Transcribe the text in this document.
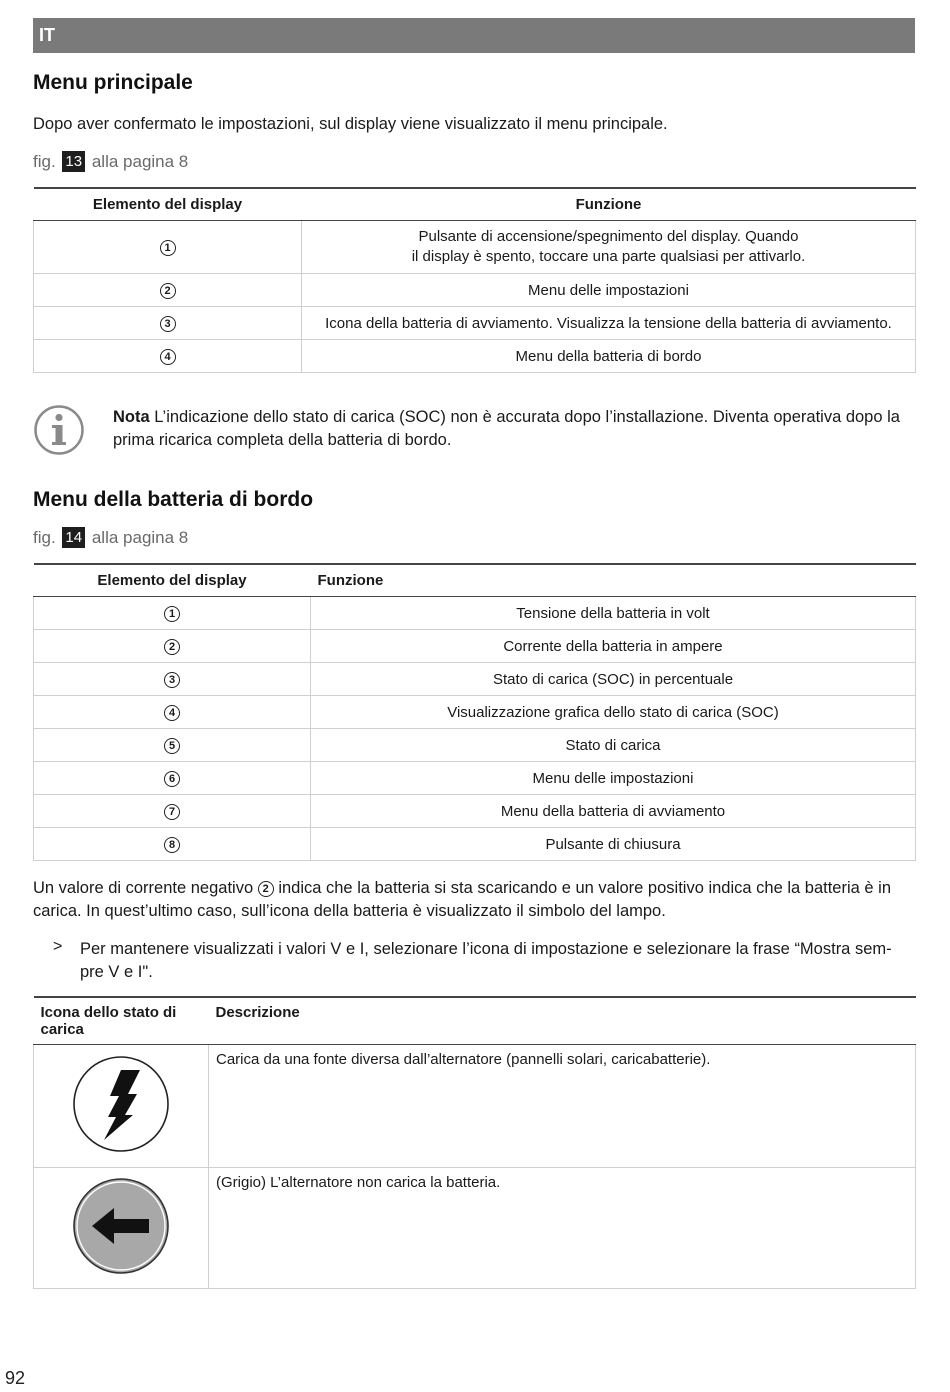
IT
Menu principale
Dopo aver confermato le impostazioni, sul display viene visualizzato il menu principale.
fig. 13 alla pagina 8
Elemento del display	Funzione
1	Pulsante di accensione/spegnimento del display. Quando
il display è spento, toccare una parte qualsiasi per attivarlo.
2	Menu delle impostazioni
3	Icona della batteria di avviamento. Visualizza la tensione della batteria di avviamento.
4	Menu della batteria di bordo
Nota L’indicazione dello stato di carica (SOC) non è accurata dopo l’installazione. Diventa operativa dopo la prima ricarica completa della batteria di bordo.
Menu della batteria di bordo
fig. 14 alla pagina 8
Elemento del display	Funzione
1	Tensione della batteria in volt
2	Corrente della batteria in ampere
3	Stato di carica (SOC) in percentuale
4	Visualizzazione grafica dello stato di carica (SOC)
5	Stato di carica
6	Menu delle impostazioni
7	Menu della batteria di avviamento
8	Pulsante di chiusura
Un valore di corrente negativo 2 indica che la batteria si sta scaricando e un valore positivo indica che la batteria è in carica. In quest’ultimo caso, sull’icona della batteria è visualizzato il simbolo del lampo.
> Per mantenere visualizzati i valori V e I, selezionare l’icona di impostazione e selezionare la frase “Mostra sem- pre V e I".
Icona dello stato di carica	Descrizione
	Carica da una fonte diversa dall’alternatore (pannelli solari, caricabatterie).
	(Grigio) L’alternatore non carica la batteria.
92
